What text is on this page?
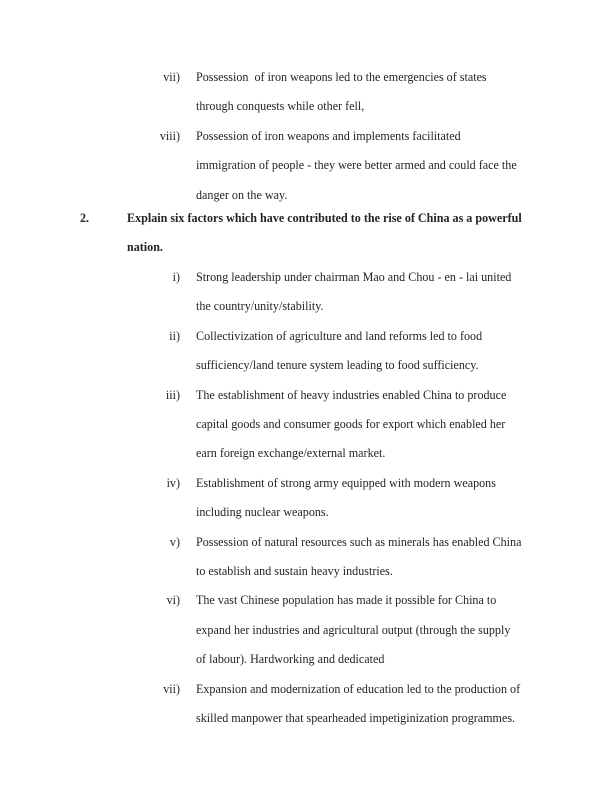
vii) Possession  of iron weapons led to the emergencies of states
through conquests while other fell,
viii) Possession of iron weapons and implements facilitated
immigration of people - they were better armed and could face the
danger on the way.
2.	Explain six factors which have contributed to the rise of China as a powerful
nation.
i) Strong leadership under chairman Mao and Chou - en - lai united
the country/unity/stability.
ii) Collectivization of agriculture and land reforms led to food
sufficiency/land tenure system leading to food sufficiency.
iii) The establishment of heavy industries enabled China to produce
capital goods and consumer goods for export which enabled her
earn foreign exchange/external market.
iv) Establishment of strong army equipped with modern weapons
including nuclear weapons.
v) Possession of natural resources such as minerals has enabled China
to establish and sustain heavy industries.
vi) The vast Chinese population has made it possible for China to
expand her industries and agricultural output (through the supply
of labour). Hardworking and dedicated
vii) Expansion and modernization of education led to the production of
skilled manpower that spearheaded impetiginization programmes.
